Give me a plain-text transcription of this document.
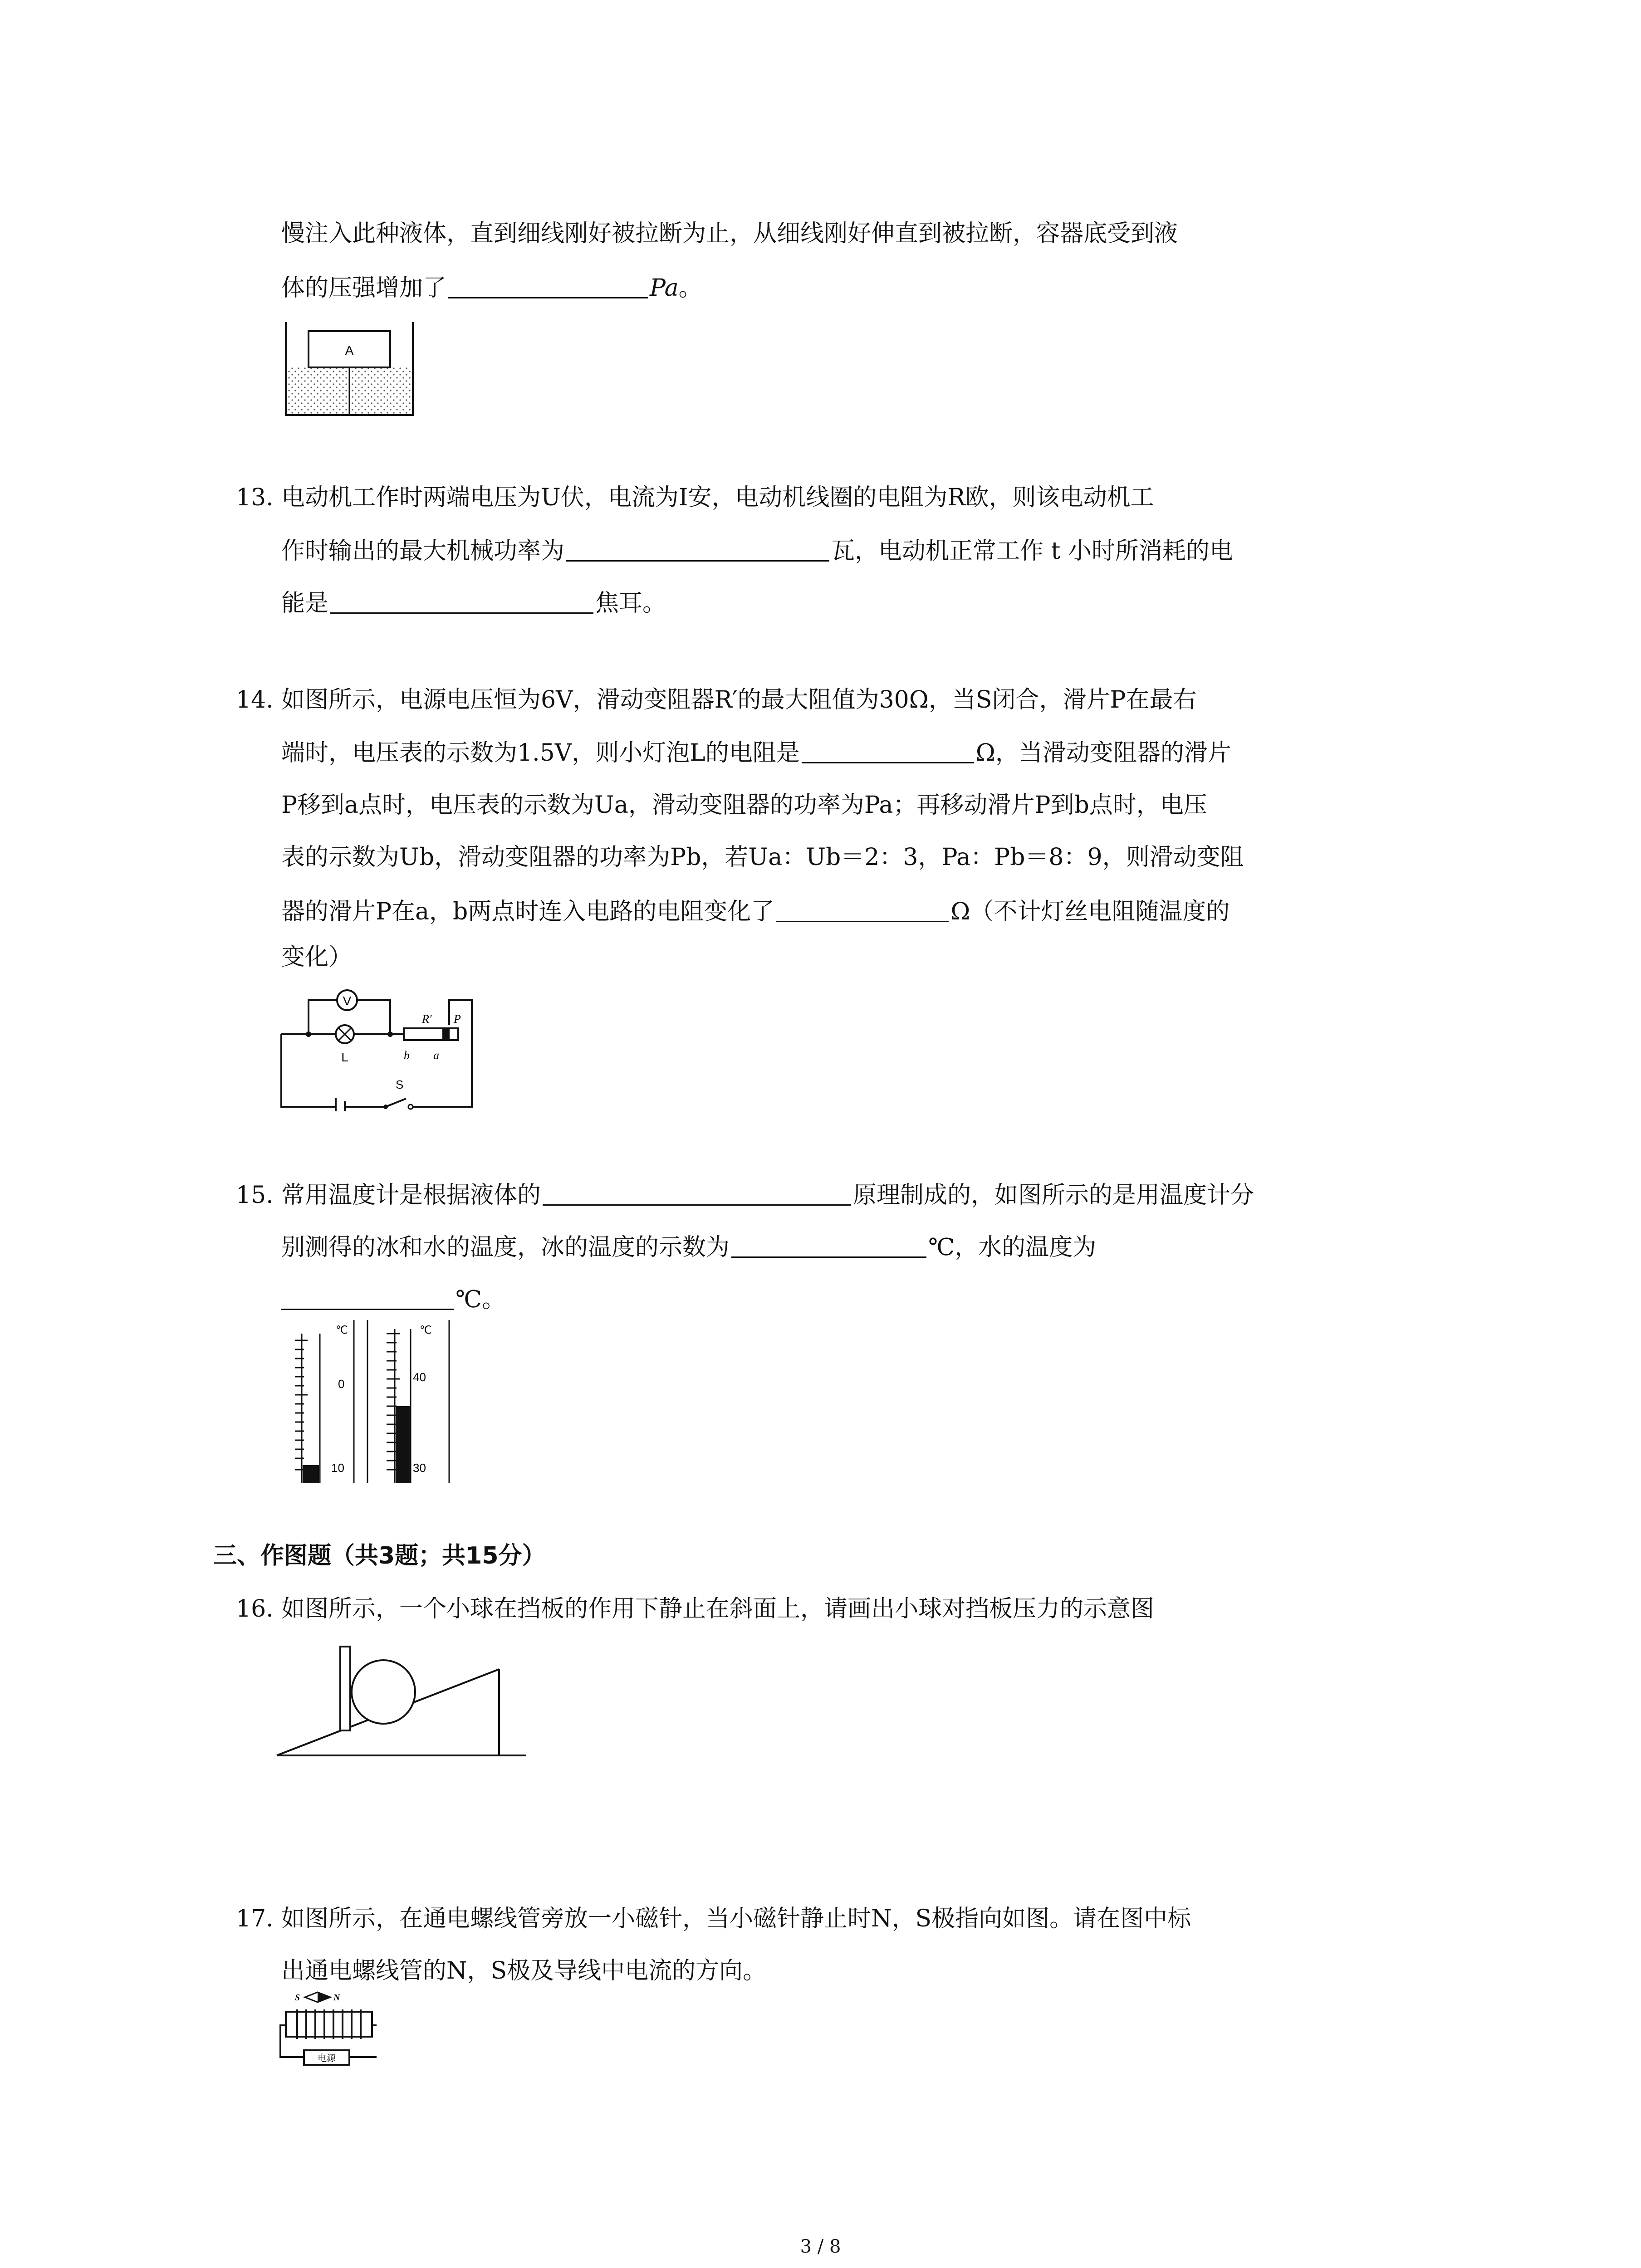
慢注入此种液体，直到细线刚好被拉断为止，从细线刚好伸直到被拉断，容器底受到液
体的压强增加了	Pa。
A
13. 电动机工作时两端电压为U伏，电流为I安，电动机线圈的电阻为R欧，则该电动机工
作时输出的最大机械功率为	瓦，电动机正常工作 t 小时所消耗的电
能是	焦耳。
14. 如图所示，电源电压恒为6V，滑动变阻器R′的最大阻值为30Ω，当S闭合，滑片P在最右
端时，电压表的示数为1.5V，则小灯泡L的电阻是	Ω，当滑动变阻器的滑片
P移到a点时，电压表的示数为Ua，滑动变阻器的功率为Pa；再移动滑片P到b点时，电压
表的示数为Ub，滑动变阻器的功率为Pb，若Ua：Ub＝2：3，Pa：Pb＝8：9，则滑动变阻
器的滑片P在a，b两点时连入电路的电阻变化了	Ω（不计灯丝电阻随温度的
变化）
V
L
R′ P
b a
S
15. 常用温度计是根据液体的	原理制成的，如图所示的是用温度计分
别测得的冰和水的温度，冰的温度的示数为	℃，水的温度为
℃。
℃
0
10
℃
40
30
三、作图题（共3题；共15分）
16. 如图所示，一个小球在挡板的作用下静止在斜面上，请画出小球对挡板压力的示意图
17. 如图所示，在通电螺线管旁放一小磁针，当小磁针静止时N，S极指向如图。请在图中标
出通电螺线管的N，S极及导线中电流的方向。
S	N
电源
3 / 8
